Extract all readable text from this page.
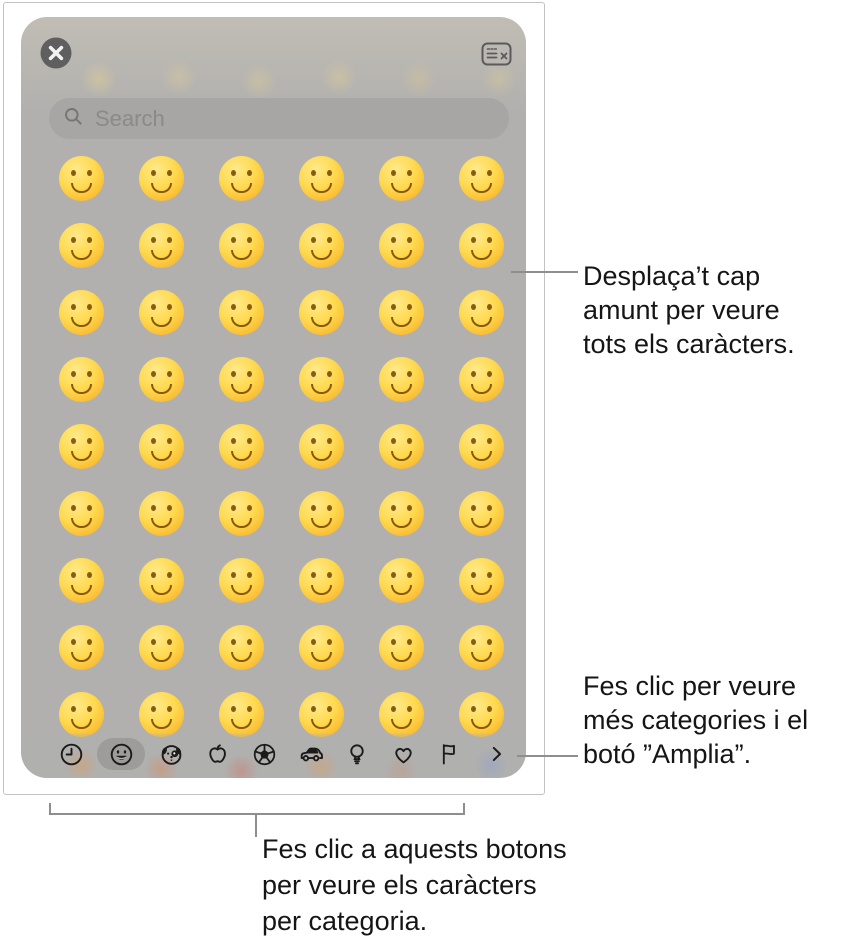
Search
Desplaça’t cap
amunt per veure
tots els caràcters.
Fes clic per veure
més categories i el
botó ”Amplia”.
Fes clic a aquests botons
per veure els caràcters
per categoria.
